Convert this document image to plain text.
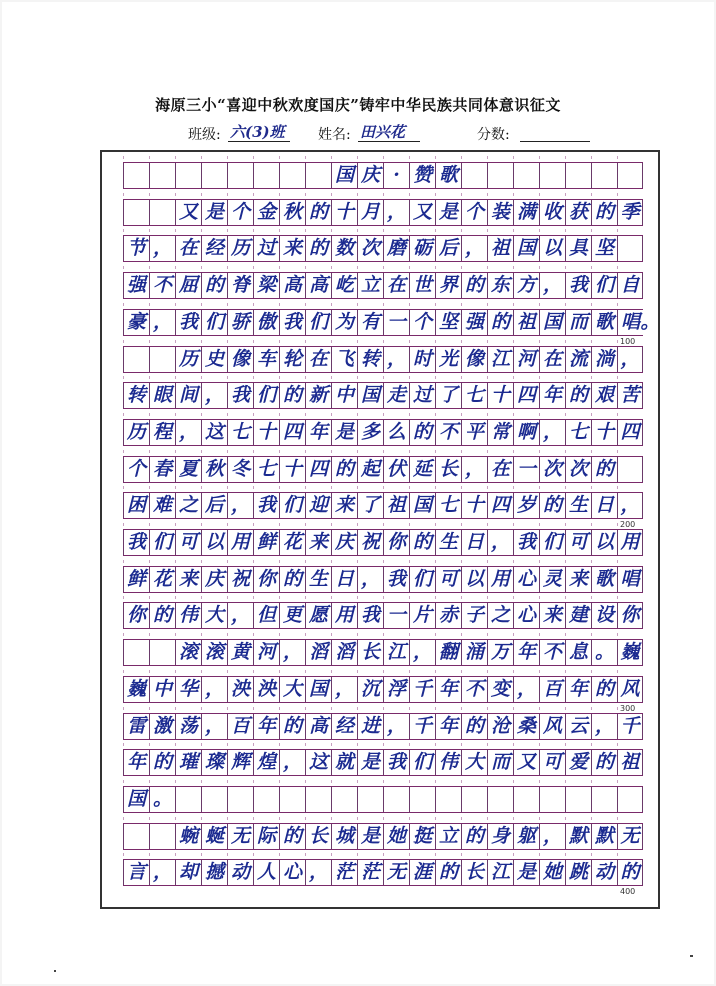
海原三小“喜迎中秋欢度国庆”铸牢中华民族共同体意识征文
班级: 六(3)班 姓名: 田兴花	分数:
国 庆 · 赞 歌
又 是 个 金 秋 的 十 月 ， 又 是 个 装 满 收 获 的 季
节 ， 在 经 历 过 来 的 数 次 磨 砺 后 ， 祖 国 以 具 坚
强 不 屈 的 脊 梁 高 高 屹 立 在 世 界 的 东 方 ， 我 们 自
豪 ， 我 们 骄 傲 我 们 为 有 一 个 坚 强 的 祖 国 而 歌 唱 。
历 史 像 车 轮 在 飞 转 ， 时 光 像 江 河 在 流 淌 ，
转 眼 间 ， 我 们 的 新 中 国 走 过 了 七 十 四 年 的 艰 苦
历 程 ， 这 七 十 四 年 是 多 么 的 不 平 常 啊 ， 七 十 四
个 春 夏 秋 冬 七 十 四 的 起 伏 延 长 ， 在 一 次 次 的
困 难 之 后 ， 我 们 迎 来 了 祖 国 七 十 四 岁 的 生 日 ，
我 们 可 以 用 鲜 花 来 庆 祝 你 的 生 日 ， 我 们 可 以 用
鲜 花 来 庆 祝 你 的 生 日 ， 我 们 可 以 用 心 灵 来 歌 唱
你 的 伟 大 ， 但 更 愿 用 我 一 片 赤 子 之 心 来 建 设 你
滚 滚 黄 河 ， 滔 滔 长 江 ， 翻 涌 万 年 不 息 。 巍
巍 中 华 ， 泱 泱 大 国 ， 沉 浮 千 年 不 变 ， 百 年 的 风
雷 激 荡 ， 百 年 的 高 经 进 ， 千 年 的 沧 桑 风 云 ， 千
年 的 璀 璨 辉 煌 ， 这 就 是 我 们 伟 大 而 又 可 爱 的 祖
国 。
蜿 蜒 无 际 的 长 城 是 她 挺 立 的 身 躯 ， 默 默 无
言 ， 却 撼 动 人 心 ， 茫 茫 无 涯 的 长 江 是 她 跳 动 的
100
200
300
400
